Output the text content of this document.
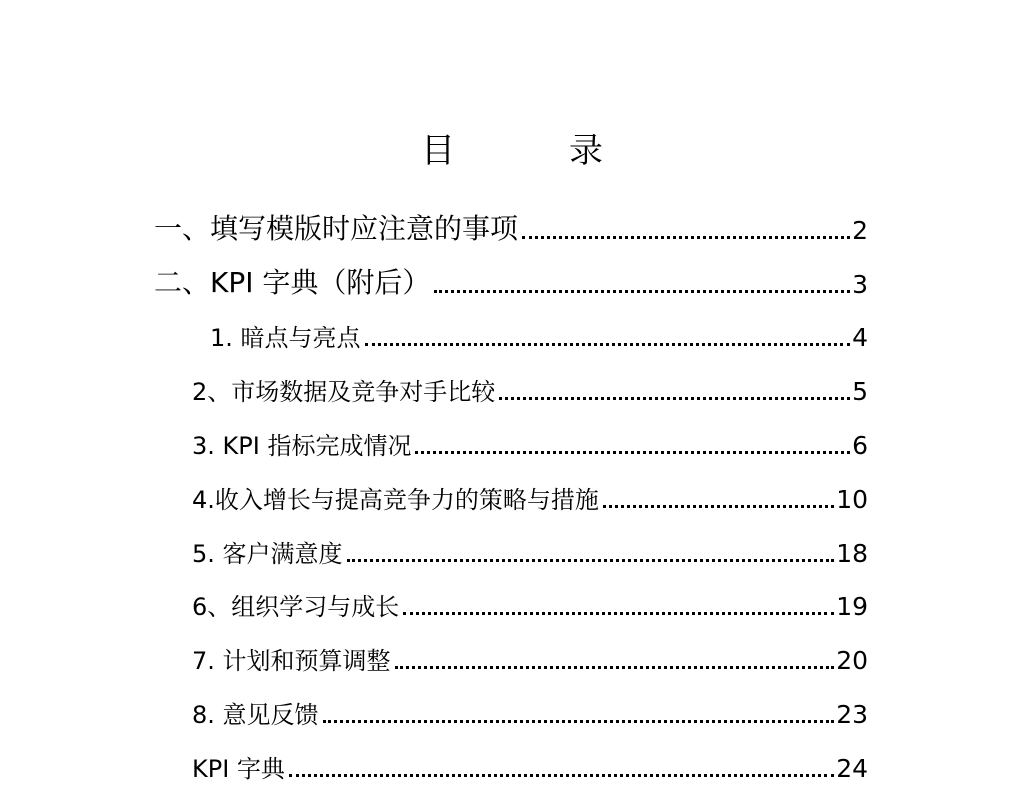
目　录
一、填写模版时应注意的事项	2
二、KPI 字典（附后）	3
1. 暗点与亮点	4
2、市场数据及竞争对手比较	5
3. KPI 指标完成情况	6
4.收入增长与提高竞争力的策略与措施	10
5. 客户满意度	18
6、组织学习与成长	19
7. 计划和预算调整	20
8. 意见反馈	23
KPI 字典	24
